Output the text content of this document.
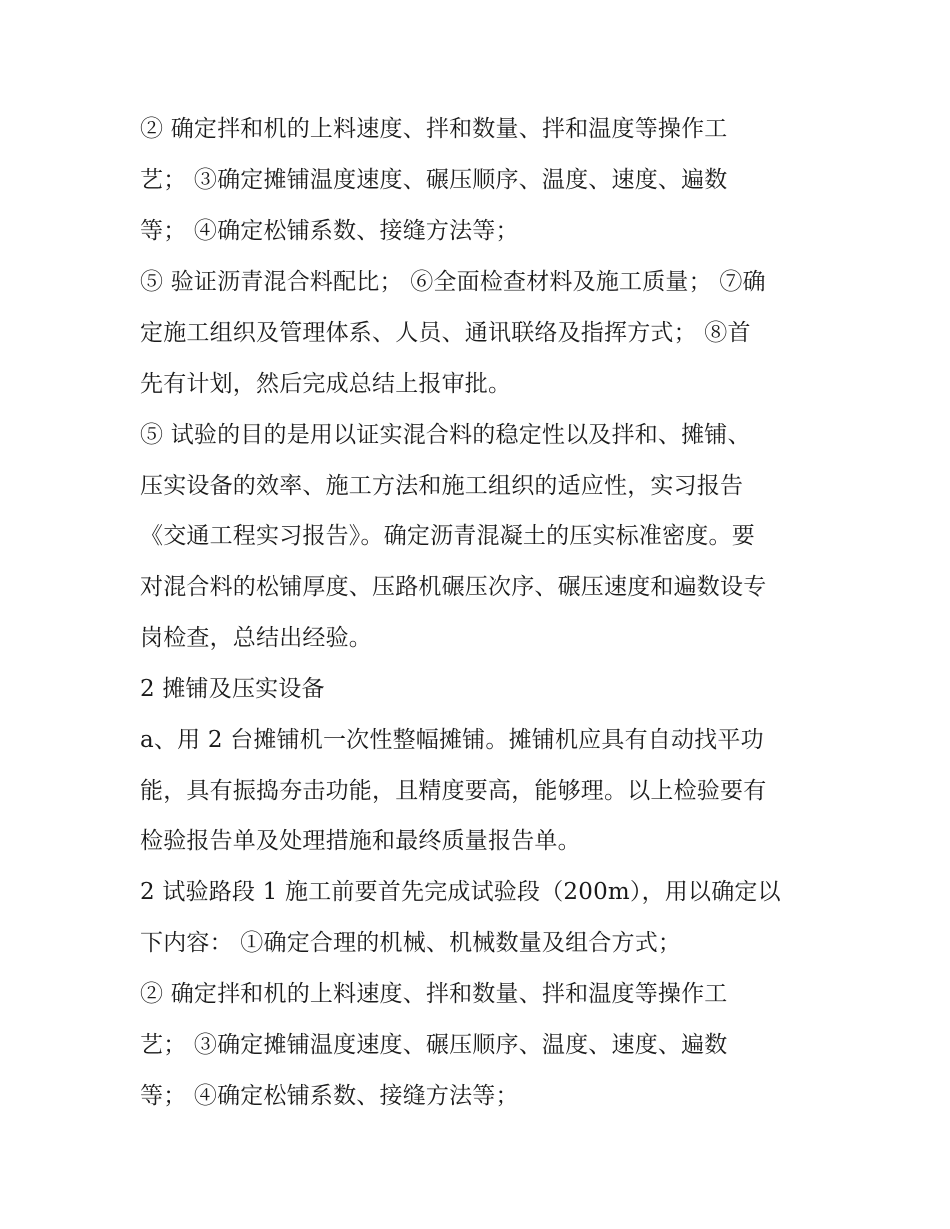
② 确定拌和机的上料速度、拌和数量、拌和温度等操作工
艺； ③确定摊铺温度速度、碾压顺序、温度、速度、遍数
等； ④确定松铺系数、接缝方法等；
⑤ 验证沥青混合料配比； ⑥全面检查材料及施工质量； ⑦确
定施工组织及管理体系、人员、通讯联络及指挥方式； ⑧首
先有计划，然后完成总结上报审批。
⑤ 试验的目的是用以证实混合料的稳定性以及拌和、摊铺、
压实设备的效率、施工方法和施工组织的适应性，实习报告
《交通工程实习报告》。确定沥青混凝土的压实标准密度。要
对混合料的松铺厚度、压路机碾压次序、碾压速度和遍数设专
岗检查，总结出经验。
2 摊铺及压实设备
a、用 2 台摊铺机一次性整幅摊铺。摊铺机应具有自动找平功
能，具有振捣夯击功能，且精度要高，能够理。以上检验要有
检验报告单及处理措施和最终质量报告单。
2 试验路段 1 施工前要首先完成试验段（200m），用以确定以
下内容： ①确定合理的机械、机械数量及组合方式；
② 确定拌和机的上料速度、拌和数量、拌和温度等操作工
艺； ③确定摊铺温度速度、碾压顺序、温度、速度、遍数
等； ④确定松铺系数、接缝方法等；
